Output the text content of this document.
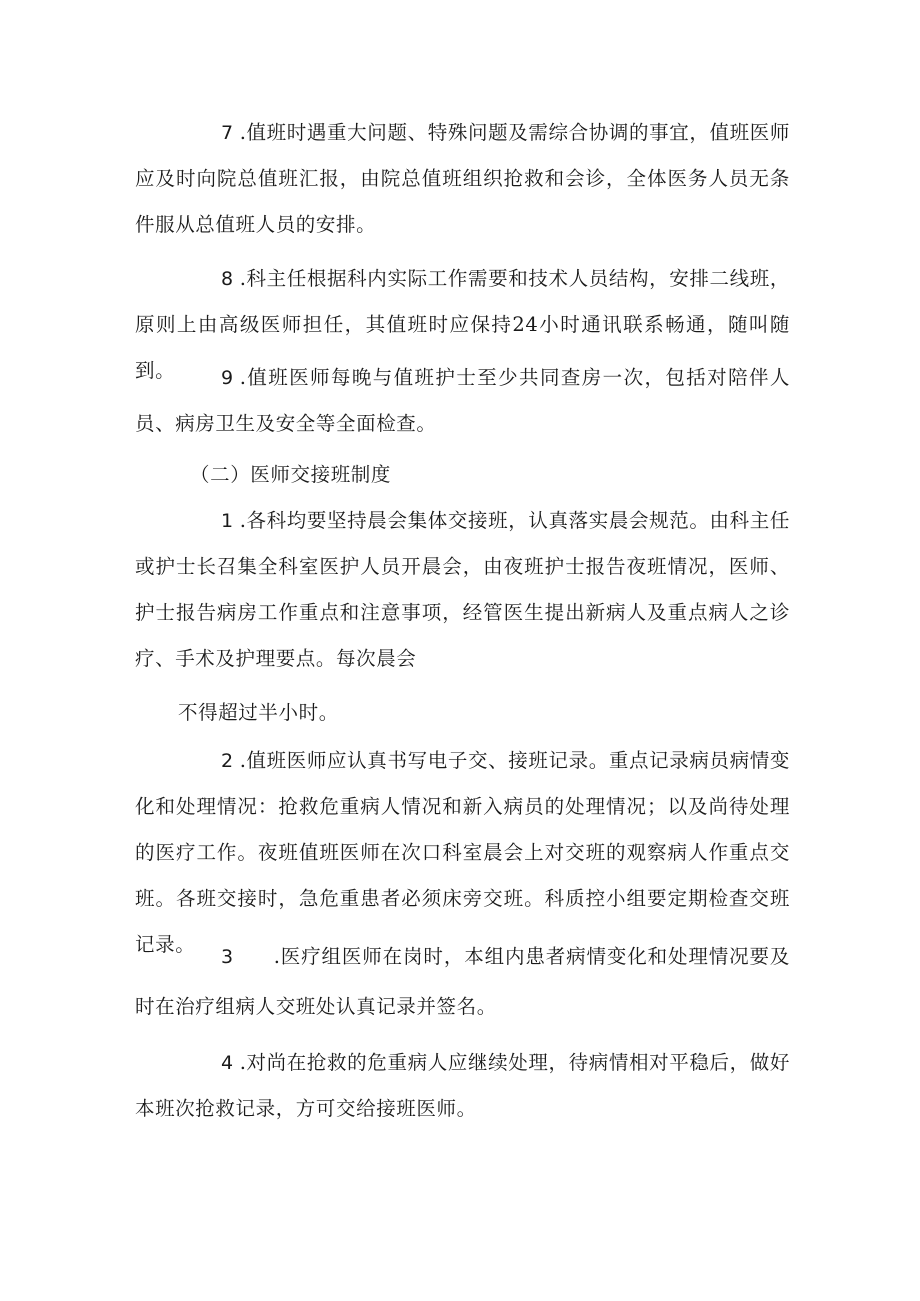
7 .值班时遇重大问题、特殊问题及需综合协调的事宜，值班医师应及时向院总值班汇报，由院总值班组织抢救和会诊，全体医务人员无条件服从总值班人员的安排。

8 .科主任根据科内实际工作需要和技术人员结构，安排二线班，原则上由高级医师担任，其值班时应保持24小时通讯联系畅通，随叫随到。	9 .值班医师每晚与值班护士至少共同查房一次，包括对陪伴人员、病房卫生及安全等全面检查。

（二）医师交接班制度

1 .各科均要坚持晨会集体交接班，认真落实晨会规范。由科主任或护士长召集全科室医护人员开晨会，由夜班护士报告夜班情况，医师、护士报告病房工作重点和注意事项，经管医生提出新病人及重点病人之诊疗、手术及护理要点。每次晨会

不得超过半小时。

2 .值班医师应认真书写电子交、接班记录。重点记录病员病情变化和处理情况：抢救危重病人情况和新入病员的处理情况；以及尚待处理的医疗工作。夜班值班医师在次口科室晨会上对交班的观察病人作重点交班。各班交接时，急危重患者必须床旁交班。科质控小组要定期检查交班记录。

3 .医疗组医师在岗时，本组内患者病情变化和处理情况要及时在治疗组病人交班处认真记录并签名。

4 .对尚在抢救的危重病人应继续处理，待病情相对平稳后，做好本班次抢救记录，方可交给接班医师。
